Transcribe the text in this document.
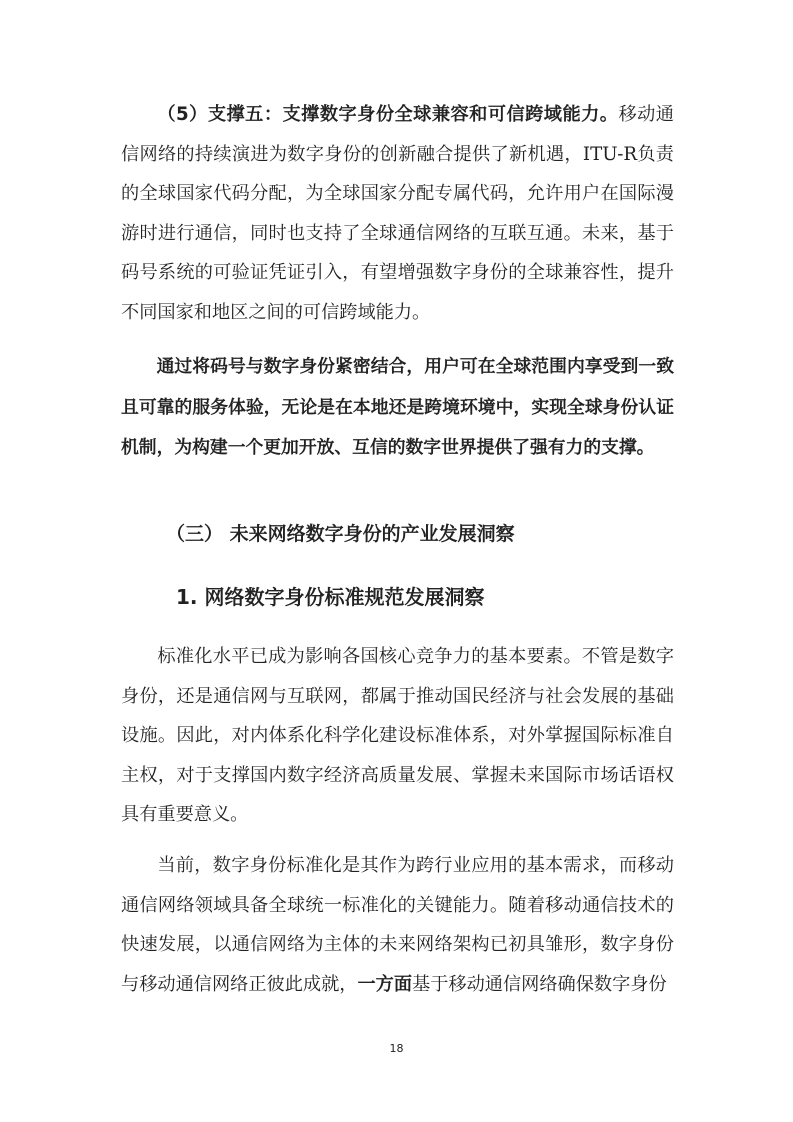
（5）支撑五：支撑数字身份全球兼容和可信跨域能力。移动通信网络的持续演进为数字身份的创新融合提供了新机遇，ITU-R负责的全球国家代码分配，为全球国家分配专属代码，允许用户在国际漫游时进行通信，同时也支持了全球通信网络的互联互通。未来，基于码号系统的可验证凭证引入，有望增强数字身份的全球兼容性，提升不同国家和地区之间的可信跨域能力。

通过将码号与数字身份紧密结合，用户可在全球范围内享受到一致且可靠的服务体验，无论是在本地还是跨境环境中，实现全球身份认证机制，为构建一个更加开放、互信的数字世界提供了强有力的支撑。

（三） 未来网络数字身份的产业发展洞察
1. 网络数字身份标准规范发展洞察

标准化水平已成为影响各国核心竞争力的基本要素。不管是数字身份，还是通信网与互联网，都属于推动国民经济与社会发展的基础设施。因此，对内体系化科学化建设标准体系，对外掌握国际标准自主权，对于支撑国内数字经济高质量发展、掌握未来国际市场话语权具有重要意义。

当前，数字身份标准化是其作为跨行业应用的基本需求，而移动通信网络领域具备全球统一标准化的关键能力。随着移动通信技术的快速发展，以通信网络为主体的未来网络架构已初具雏形，数字身份与移动通信网络正彼此成就，一方面基于移动通信网络确保数字身份

18
